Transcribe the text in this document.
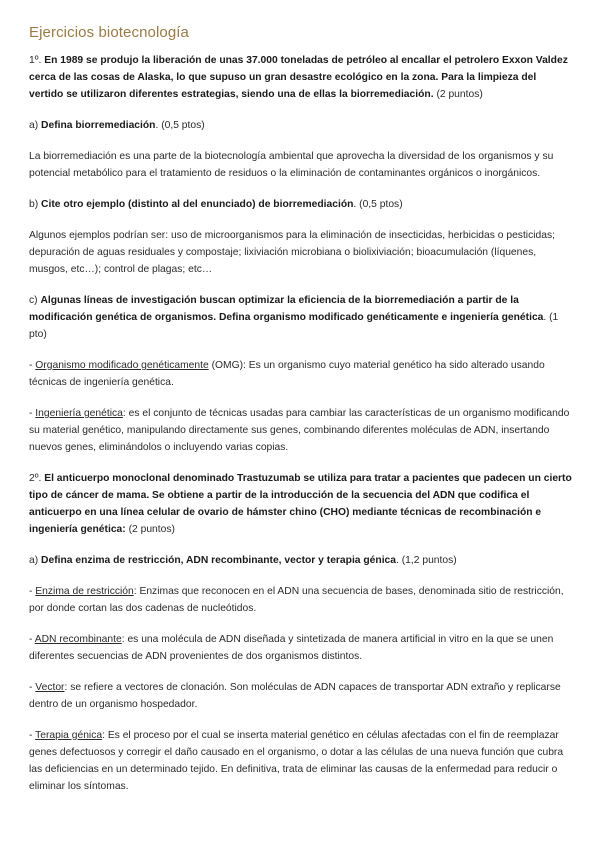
Ejercicios biotecnología

1º. En 1989 se produjo la liberación de unas 37.000 toneladas de petróleo al encallar el petrolero Exxon Valdez cerca de las cosas de Alaska, lo que supuso un gran desastre ecológico en la zona. Para la limpieza del vertido se utilizaron diferentes estrategias, siendo una de ellas la biorremediación. (2 puntos)

a) Defina biorremediación. (0,5 ptos)

La biorremediación es una parte de la biotecnología ambiental que aprovecha la diversidad de los organismos y su potencial metabólico para el tratamiento de residuos o la eliminación de contaminantes orgánicos o inorgánicos.

b) Cite otro ejemplo (distinto al del enunciado) de biorremediación. (0,5 ptos)

Algunos ejemplos podrían ser: uso de microorganismos para la eliminación de insecticidas, herbicidas o pesticidas; depuración de aguas residuales y compostaje; lixiviación microbiana o biolixiviación; bioacumulación (líquenes, musgos, etc…); control de plagas; etc…

c) Algunas líneas de investigación buscan optimizar la eficiencia de la biorremediación a partir de la modificación genética de organismos. Defina organismo modificado genéticamente e ingeniería genética. (1 pto)

- Organismo modificado genéticamente (OMG): Es un organismo cuyo material genético ha sido alterado usando técnicas de ingeniería genética.

- Ingeniería genética: es el conjunto de técnicas usadas para cambiar las características de un organismo modificando su material genético, manipulando directamente sus genes, combinando diferentes moléculas de ADN, insertando nuevos genes, eliminándolos o incluyendo varias copias.

2º. El anticuerpo monoclonal denominado Trastuzumab se utiliza para tratar a pacientes que padecen un cierto tipo de cáncer de mama. Se obtiene a partir de la introducción de la secuencia del ADN que codifica el anticuerpo en una línea celular de ovario de hámster chino (CHO) mediante técnicas de recombinación e ingeniería genética: (2 puntos)

a) Defina enzima de restricción, ADN recombinante, vector y terapia génica. (1,2 puntos)

- Enzima de restricción: Enzimas que reconocen en el ADN una secuencia de bases, denominada sitio de restricción, por donde cortan las dos cadenas de nucleótidos.

- ADN recombinante: es una molécula de ADN diseñada y sintetizada de manera artificial in vitro en la que se unen diferentes secuencias de ADN provenientes de dos organismos distintos.

- Vector: se refiere a vectores de clonación. Son moléculas de ADN capaces de transportar ADN extraño y replicarse dentro de un organismo hospedador.

- Terapia génica: Es el proceso por el cual se inserta material genético en células afectadas con el fin de reemplazar genes defectuosos y corregir el daño causado en el organismo, o dotar a las células de una nueva función que cubra las deficiencias en un determinado tejido. En definitiva, trata de eliminar las causas de la enfermedad para reducir o eliminar los síntomas.
